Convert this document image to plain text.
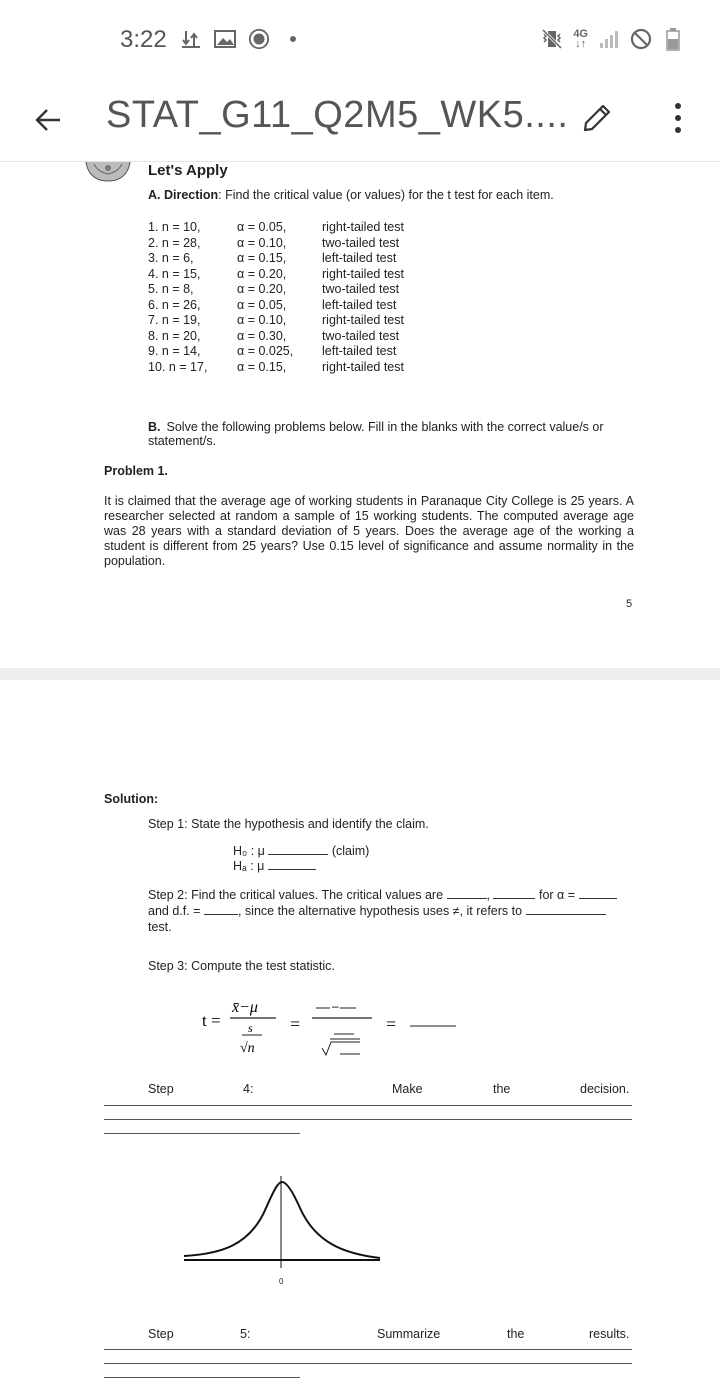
3:22	4G
↓↑
STAT_G11_Q2M5_WK5....
Let's Apply
A. Direction: Find the critical value (or values) for the t test for each item.
1. n = 10,	α = 0.05,	right-tailed test
2. n = 28,	α = 0.10,	two-tailed test
3. n = 6,	α = 0.15,	left-tailed test
4. n = 15,	α = 0.20,	right-tailed test
5. n = 8,	α = 0.20,	two-tailed test
6. n = 26,	α = 0.05,	left-tailed test
7. n = 19,	α = 0.10,	right-tailed test
8. n = 20,	α = 0.30,	two-tailed test
9. n = 14,	α = 0.025, left-tailed test
10. n = 17, α = 0.15,	right-tailed test
B. Solve the following problems below. Fill in the blanks with the correct value/s or statement/s.
Problem 1.
It is claimed that the average age of working students in Paranaque City College is 25 years. A researcher selected at random a sample of 15 working students. The computed average age was 28 years with a standard deviation of 5 years. Does the average age of the working a student is different from 25 years? Use 0.15 level of significance and assume normality in the population.
5
Solution:
Step 1: State the hypothesis and identify the claim.
H₀ : μ	(claim)
Hₐ : μ
Step 2: Find the critical values. The critical values are	,	for α =
and d.f. =	, since the alternative hypothesis uses ≠, it refers to
test.
Step 3: Compute the test statistic.
t =
x̄−μ
s
√n
=
–
=
Step	4:	Make	the	decision.
0
Step	5:	Summarize	the	results.
